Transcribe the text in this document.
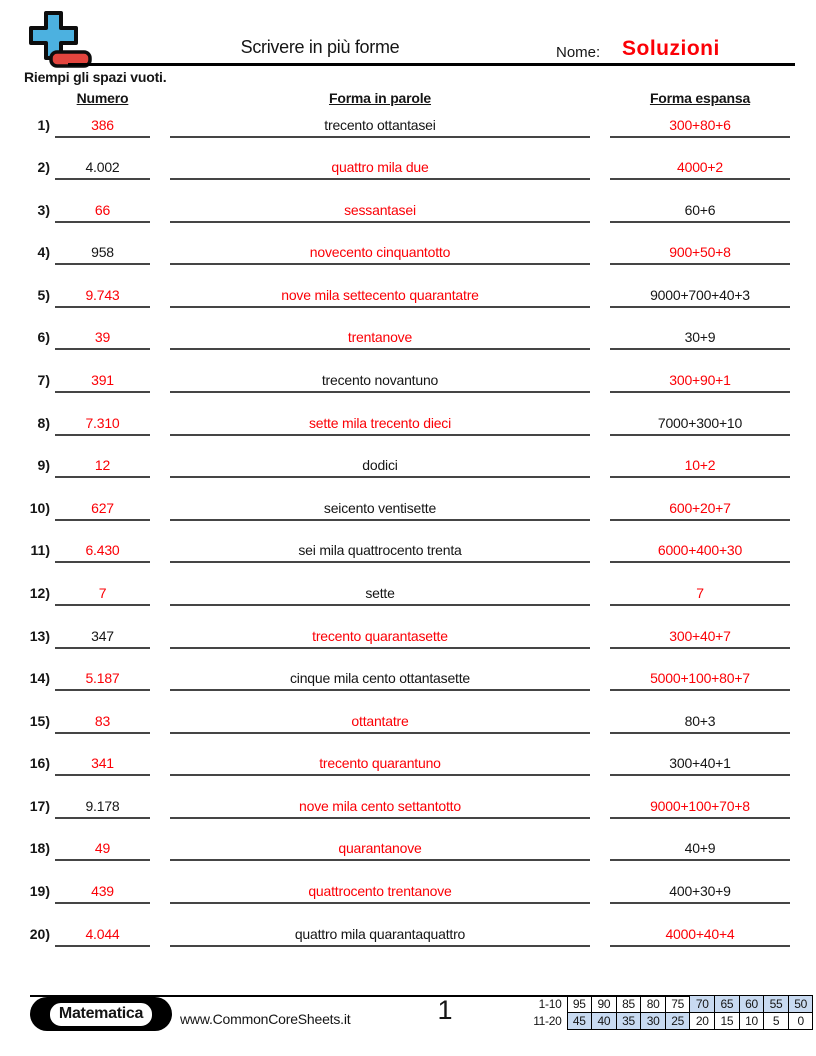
Scrivere in più forme	Nome: Soluzioni
Riempi gli spazi vuoti.
Numero	Forma in parole	Forma espansa
1)	386	trecento ottantasei	300+80+6
2)	4.002	quattro mila due	4000+2
3)	66	sessantasei	60+6
4)	958	novecento cinquantotto	900+50+8
5)	9.743	nove mila settecento quarantatre	9000+700+40+3
6)	39	trentanove	30+9
7)	391	trecento novantuno	300+90+1
8)	7.310	sette mila trecento dieci	7000+300+10
9)	12	dodici	10+2
10)	627	seicento ventisette	600+20+7
11)	6.430	sei mila quattrocento trenta	6000+400+30
12)	7	sette	7
13)	347	trecento quarantasette	300+40+7
14)	5.187	cinque mila cento ottantasette	5000+100+80+7
15)	83	ottantatre	80+3
16)	341	trecento quarantuno	300+40+1
17)	9.178	nove mila cento settantotto	9000+100+70+8
18)	49	quarantanove	40+9
19)	439	quattrocento trentanove	400+30+9
20)	4.044	quattro mila quarantaquattro	4000+40+4
Matematica	www.CommonCoreSheets.it	1	1-10	95	90	85	80	75	70	65	60	55	50
11-20	45	40	35	30	25	20	15	10	5	0
